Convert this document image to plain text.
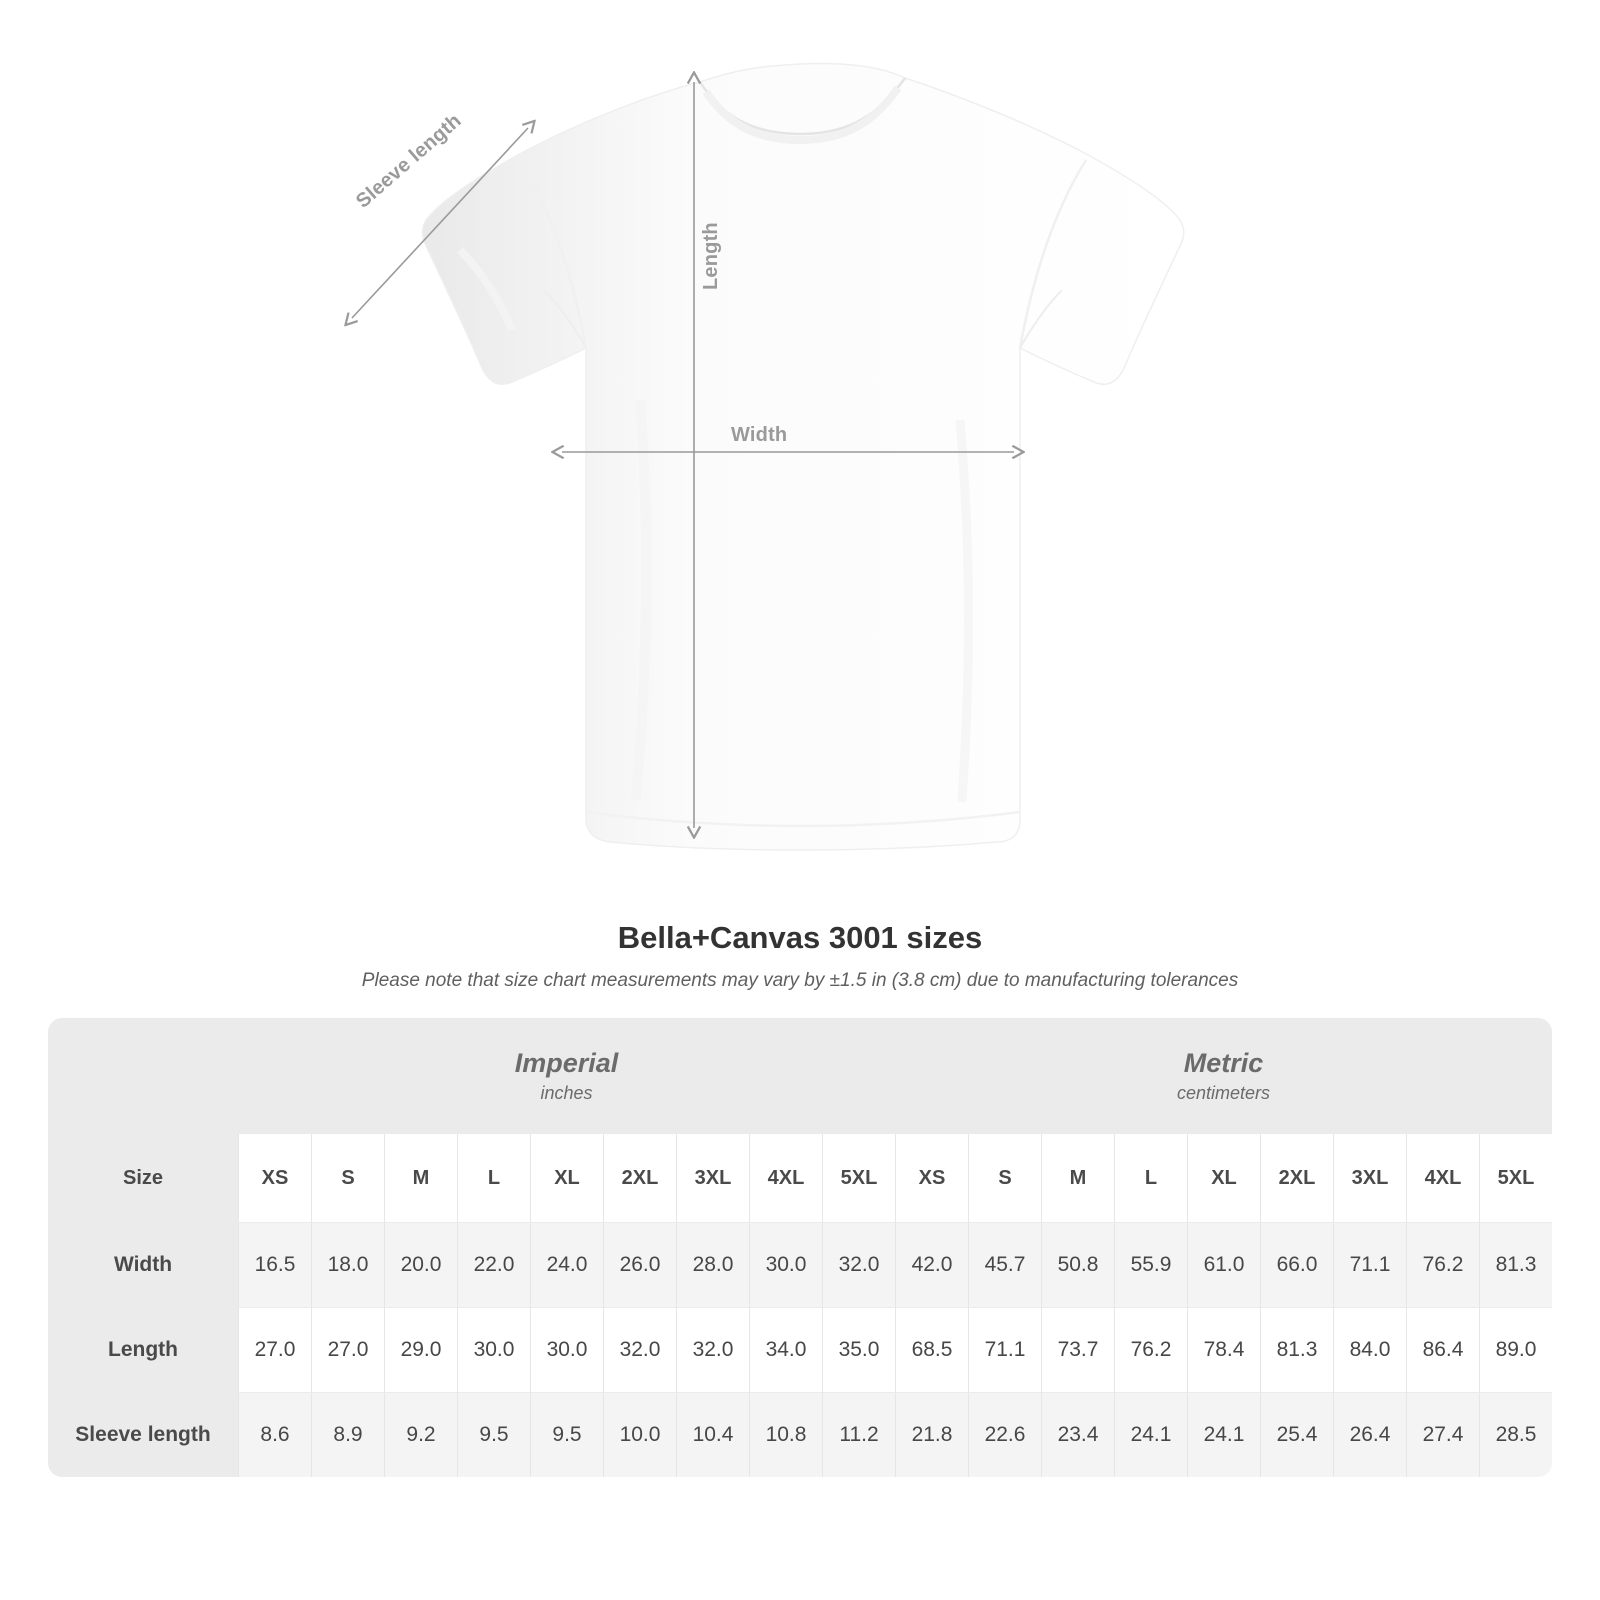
Sleeve length
Length
Width
Bella+Canvas 3001 sizes

Please note that size chart measurements may vary by ±1.5 in (3.8 cm) due to manufacturing tolerances

Imperial
inches

Metric
centimeters

Size	XS	S	M	L	XL	2XL	3XL	4XL	5XL	XS	S	M	L	XL	2XL	3XL	4XL	5XL
Width	16.5	18.0	20.0	22.0	24.0	26.0	28.0	30.0	32.0	42.0	45.7	50.8	55.9	61.0	66.0	71.1	76.2	81.3
Length	27.0	27.0	29.0	30.0	30.0	32.0	32.0	34.0	35.0	68.5	71.1	73.7	76.2	78.4	81.3	84.0	86.4	89.0
Sleeve length	8.6	8.9	9.2	9.5	9.5	10.0	10.4	10.8	11.2	21.8	22.6	23.4	24.1	24.1	25.4	26.4	27.4	28.5
